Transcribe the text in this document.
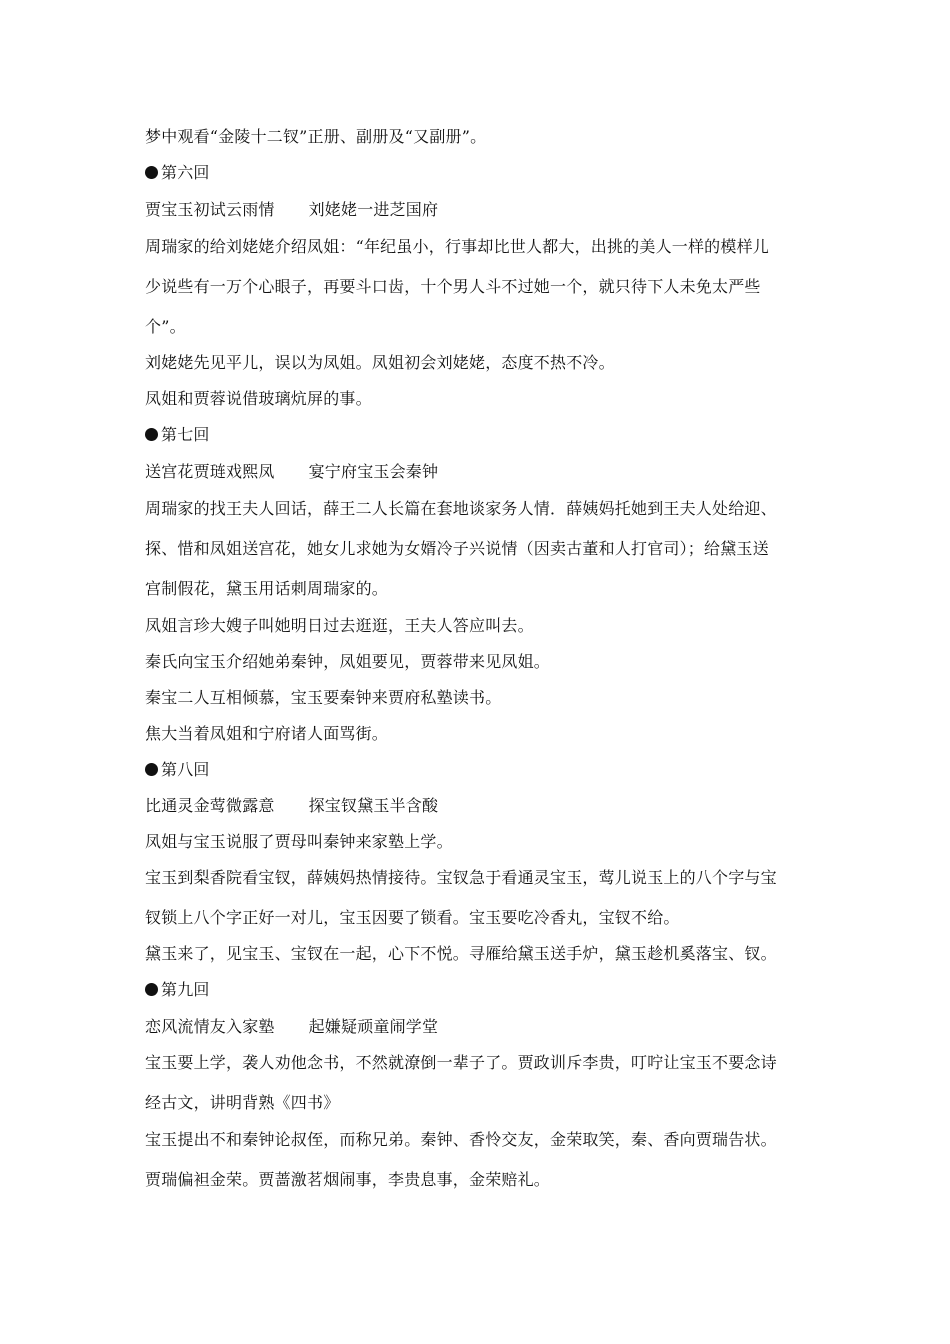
梦中观看“金陵十二钗”正册、副册及“又副册”。

第六回

贾宝玉初试云雨情 刘姥姥一进芝国府

周瑞家的给刘姥姥介绍凤姐：“年纪虽小，行事却比世人都大，出挑的美人一样的模样儿

少说些有一万个心眼子，再要斗口齿，十个男人斗不过她一个，就只待下人未免太严些

个”。

刘姥姥先见平儿，误以为凤姐。凤姐初会刘姥姥，态度不热不冷。

凤姐和贾蓉说借玻璃炕屏的事。

第七回

送宫花贾琏戏熙凤 宴宁府宝玉会秦钟

周瑞家的找王夫人回话，薛王二人长篇在套地谈家务人情．薛姨妈托她到王夫人处给迎、

探、惜和凤姐送宫花，她女儿求她为女婿冷子兴说情（因卖古董和人打官司）；给黛玉送

宫制假花，黛玉用话刺周瑞家的。

凤姐言珍大嫂子叫她明日过去逛逛，王夫人答应叫去。

秦氏向宝玉介绍她弟秦钟，凤姐要见，贾蓉带来见凤姐。

秦宝二人互相倾慕，宝玉要秦钟来贾府私塾读书。

焦大当着凤姐和宁府诸人面骂街。

第八回

比通灵金莺微露意 探宝钗黛玉半含酸

凤姐与宝玉说服了贾母叫秦钟来家塾上学。

宝玉到梨香院看宝钗，薛姨妈热情接待。宝钗急于看通灵宝玉，莺儿说玉上的八个字与宝

钗锁上八个字正好一对儿，宝玉因要了锁看。宝玉要吃冷香丸，宝钗不给。

黛玉来了，见宝玉、宝钗在一起，心下不悦。寻雁给黛玉送手炉，黛玉趁机奚落宝、钗。

第九回

恋风流情友入家塾 起嫌疑顽童闹学堂

宝玉要上学，袭人劝他念书，不然就潦倒一辈子了。贾政训斥李贵，叮咛让宝玉不要念诗

经古文，讲明背熟《四书》

宝玉提出不和秦钟论叔侄，而称兄弟。秦钟、香怜交友，金荣取笑，秦、香向贾瑞告状。

贾瑞偏袒金荣。贾蔷激茗烟闹事，李贵息事，金荣赔礼。
